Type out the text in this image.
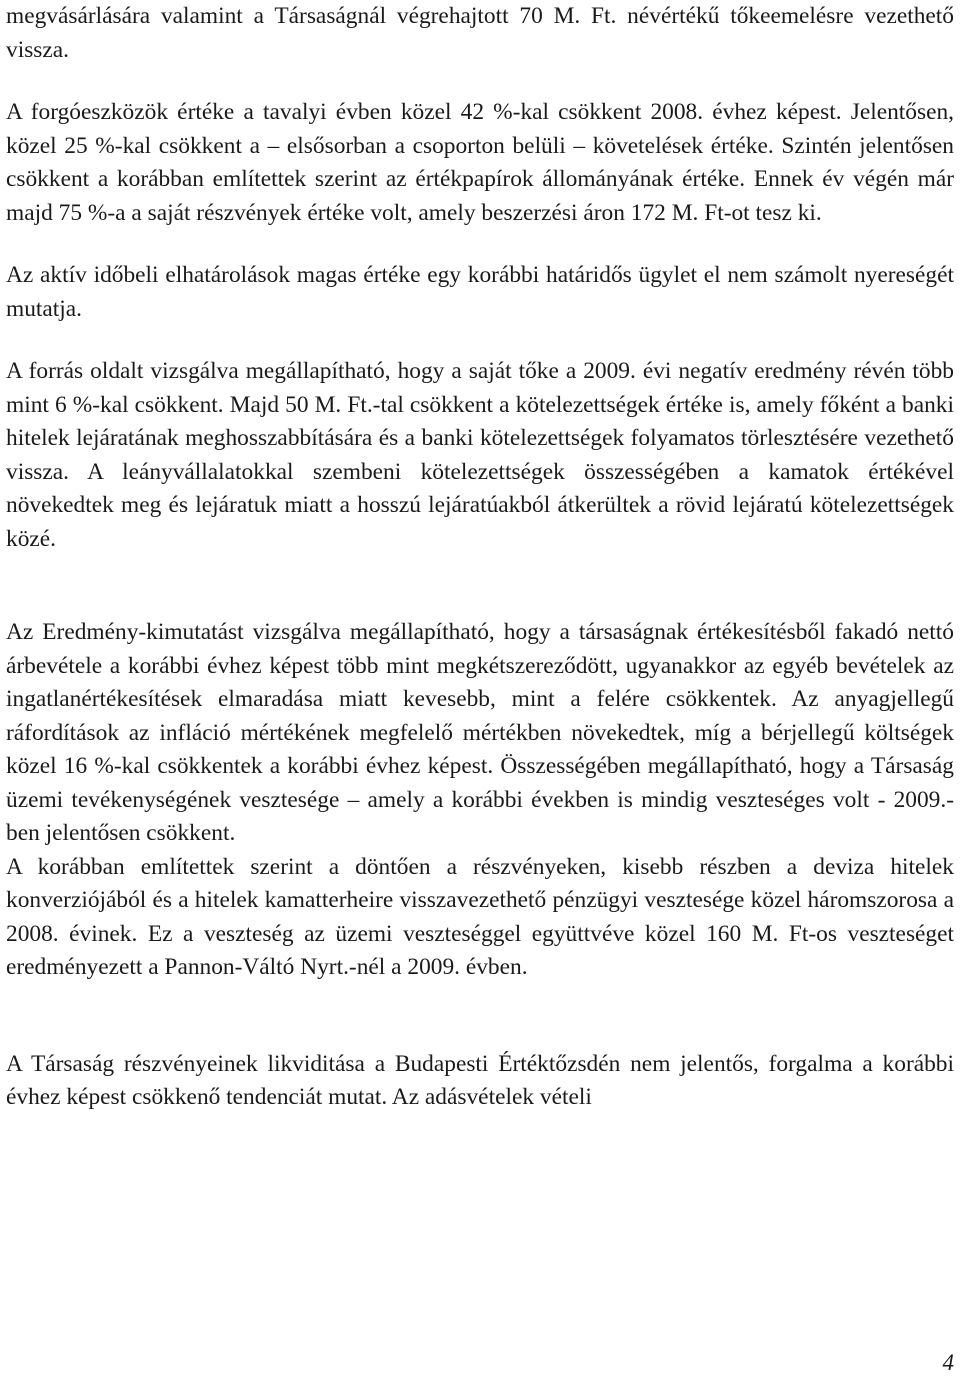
megvásárlására valamint a Társaságnál végrehajtott 70 M. Ft. névértékű tőkeemelésre vezethető vissza.

A forgóeszközök értéke a tavalyi évben közel 42 %-kal csökkent 2008. évhez képest. Jelentősen, közel 25 %-kal csökkent a – elsősorban a csoporton belüli – követelések értéke. Szintén jelentősen csökkent a korábban említettek szerint az értékpapírok állományának értéke. Ennek év végén már majd 75 %-a a saját részvények értéke volt, amely beszerzési áron 172 M. Ft-ot tesz ki.

Az aktív időbeli elhatárolások magas értéke egy korábbi határidős ügylet el nem számolt nyereségét mutatja.

A forrás oldalt vizsgálva megállapítható, hogy a saját tőke a 2009. évi negatív eredmény révén több mint 6 %-kal csökkent. Majd 50 M. Ft.-tal csökkent a kötelezettségek értéke is, amely főként a banki hitelek lejáratának meghosszabbítására és a banki kötelezettségek folyamatos törlesztésére vezethető vissza. A leányvállalatokkal szembeni kötelezettségek összességében a kamatok értékével növekedtek meg és lejáratuk miatt a hosszú lejáratúakból átkerültek a rövid lejáratú kötelezettségek közé.

Az Eredmény-kimutatást vizsgálva megállapítható, hogy a társaságnak értékesítésből fakadó nettó árbevétele a korábbi évhez képest több mint megkétszereződött, ugyanakkor az egyéb bevételek az ingatlanértékesítések elmaradása miatt kevesebb, mint a felére csökkentek. Az anyagjellegű ráfordítások az infláció mértékének megfelelő mértékben növekedtek, míg a bérjellegű költségek közel 16 %-kal csökkentek a korábbi évhez képest. Összességében megállapítható, hogy a Társaság üzemi tevékenységének vesztesége – amely a korábbi években is mindig veszteséges volt - 2009.-ben jelentősen csökkent.

A korábban említettek szerint a döntően a részvényeken, kisebb részben a deviza hitelek konverziójából és a hitelek kamatterheire visszavezethető pénzügyi vesztesége közel háromszorosa a 2008. évinek. Ez a veszteség az üzemi veszteséggel együttvéve közel 160 M. Ft-os veszteséget eredményezett a Pannon-Váltó Nyrt.-nél a 2009. évben.

A Társaság részvényeinek likviditása a Budapesti Értéktőzsdén nem jelentős, forgalma a korábbi évhez képest csökkenő tendenciát mutat. Az adásvételek vételi

4
